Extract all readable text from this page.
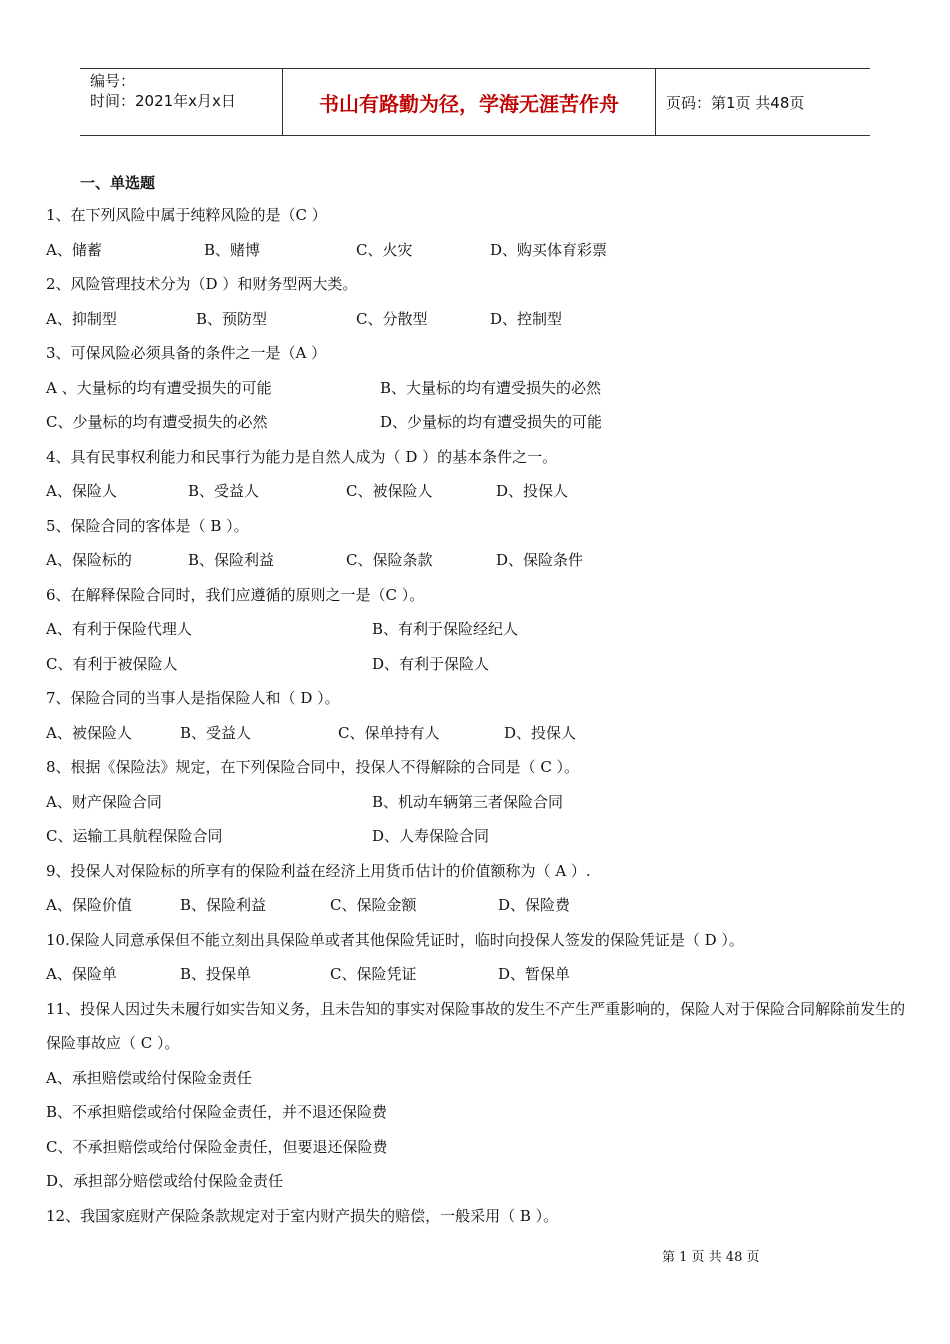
编号：
时间：2021年x月x日	书山有路勤为径，学海无涯苦作舟	页码：第1页 共48页
一、单选题
1、在下列风险中属于纯粹风险的是（C ）
A、储蓄	B、赌博	C、火灾	D、购买体育彩票
2、风险管理技术分为（D ）和财务型两大类。
A、抑制型	B、预防型	C、分散型	D、控制型
3、可保风险必须具备的条件之一是（A ）
A 、大量标的均有遭受损失的可能	B、大量标的均有遭受损失的必然
C、少量标的均有遭受损失的必然	D、少量标的均有遭受损失的可能
4、具有民事权利能力和民事行为能力是自然人成为（ D ）的基本条件之一。
A、保险人	B、受益人	C、被保险人	D、投保人
5、保险合同的客体是（ B ）。
A、保险标的	B、保险利益	C、保险条款	D、保险条件
6、在解释保险合同时，我们应遵循的原则之一是（C ）。
A、有利于保险代理人	B、有利于保险经纪人
C、有利于被保险人	D、有利于保险人
7、保险合同的当事人是指保险人和（ D ）。
A、被保险人	B、受益人	C、保单持有人	D、投保人
8、根据《保险法》规定，在下列保险合同中，投保人不得解除的合同是（ C ）。
A、财产保险合同	B、机动车辆第三者保险合同
C、运输工具航程保险合同	D、人寿保险合同
9、投保人对保险标的所享有的保险利益在经济上用货币估计的价值额称为（ A ）.
A、保险价值	B、保险利益	C、保险金额	D、保险费
10.保险人同意承保但不能立刻出具保险单或者其他保险凭证时，临时向投保人签发的保险凭证是（ D ）。
A、保险单	B、投保单	C、保险凭证	D、暂保单
11、投保人因过失未履行如实告知义务，且未告知的事实对保险事故的发生不产生严重影响的，保险人对于保险合同解除前发生的保险事故应（ C ）。
A、承担赔偿或给付保险金责任
B、不承担赔偿或给付保险金责任，并不退还保险费
C、不承担赔偿或给付保险金责任，但要退还保险费
D、承担部分赔偿或给付保险金责任
12、我国家庭财产保险条款规定对于室内财产损失的赔偿，一般采用（ B ）。
第 1 页 共 48 页
